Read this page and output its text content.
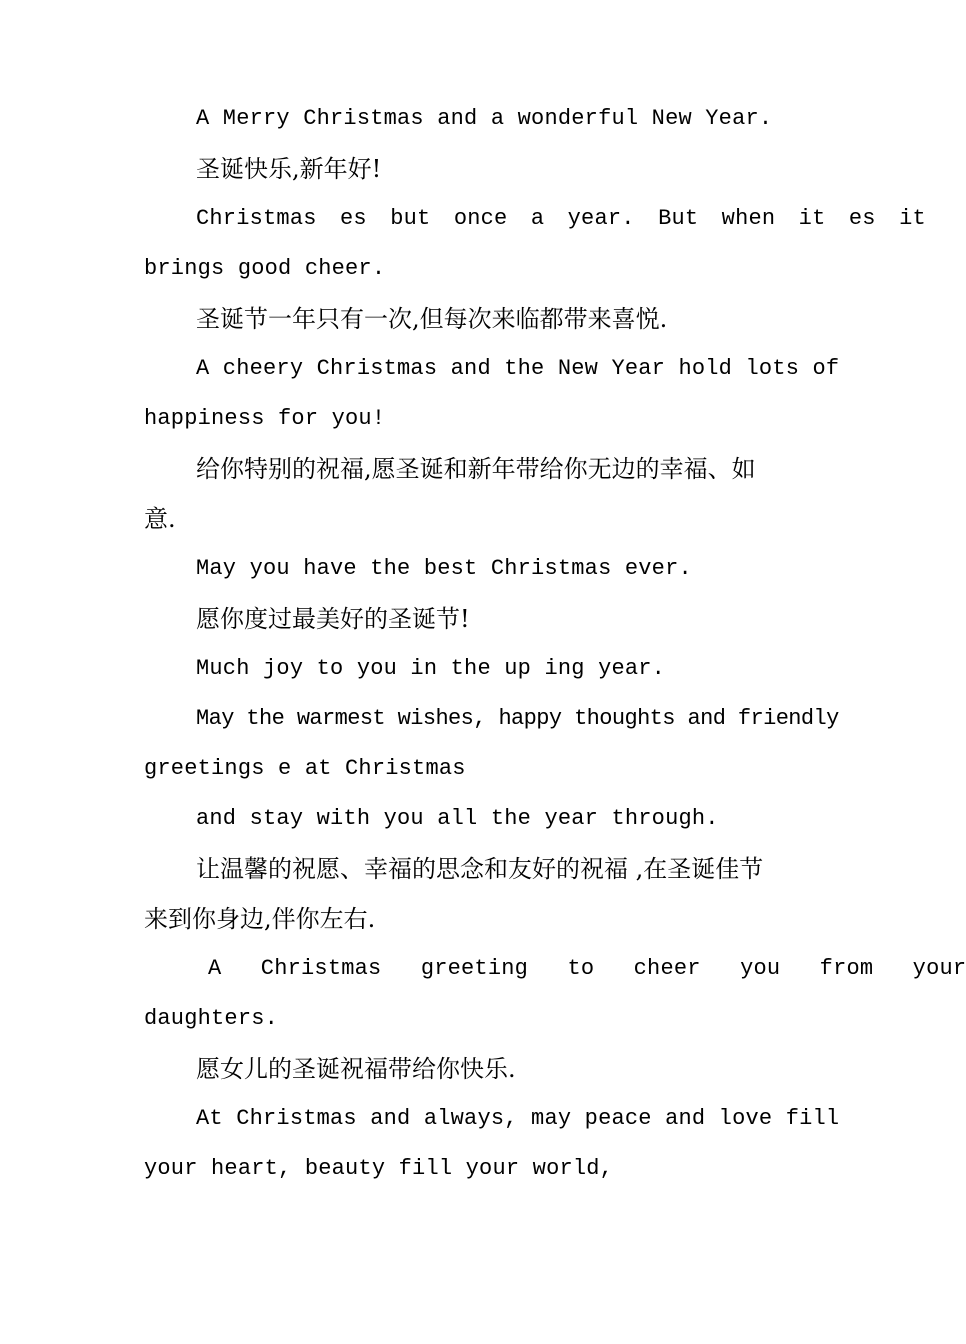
A Merry Christmas and a wonderful New Year.
圣诞快乐,新年好!
Christmas es but once a year. But when it es it
brings good cheer.
圣诞节一年只有一次,但每次来临都带来喜悦.
A cheery Christmas and the New Year hold lots of
happiness for you!
给你特别的祝福,愿圣诞和新年带给你无边的幸福、如
意.
May you have the best Christmas ever.
愿你度过最美好的圣诞节!
Much joy to you in the up ing year.
May the warmest wishes, happy thoughts and friendly
greetings e at Christmas
and stay with you all the year through.
让温馨的祝愿、幸福的思念和友好的祝福 ,在圣诞佳节
来到你身边,伴你左右.
A Christmas greeting to cheer you from your
daughters.
愿女儿的圣诞祝福带给你快乐.
At Christmas and always, may peace and love fill
your heart, beauty fill your world,
